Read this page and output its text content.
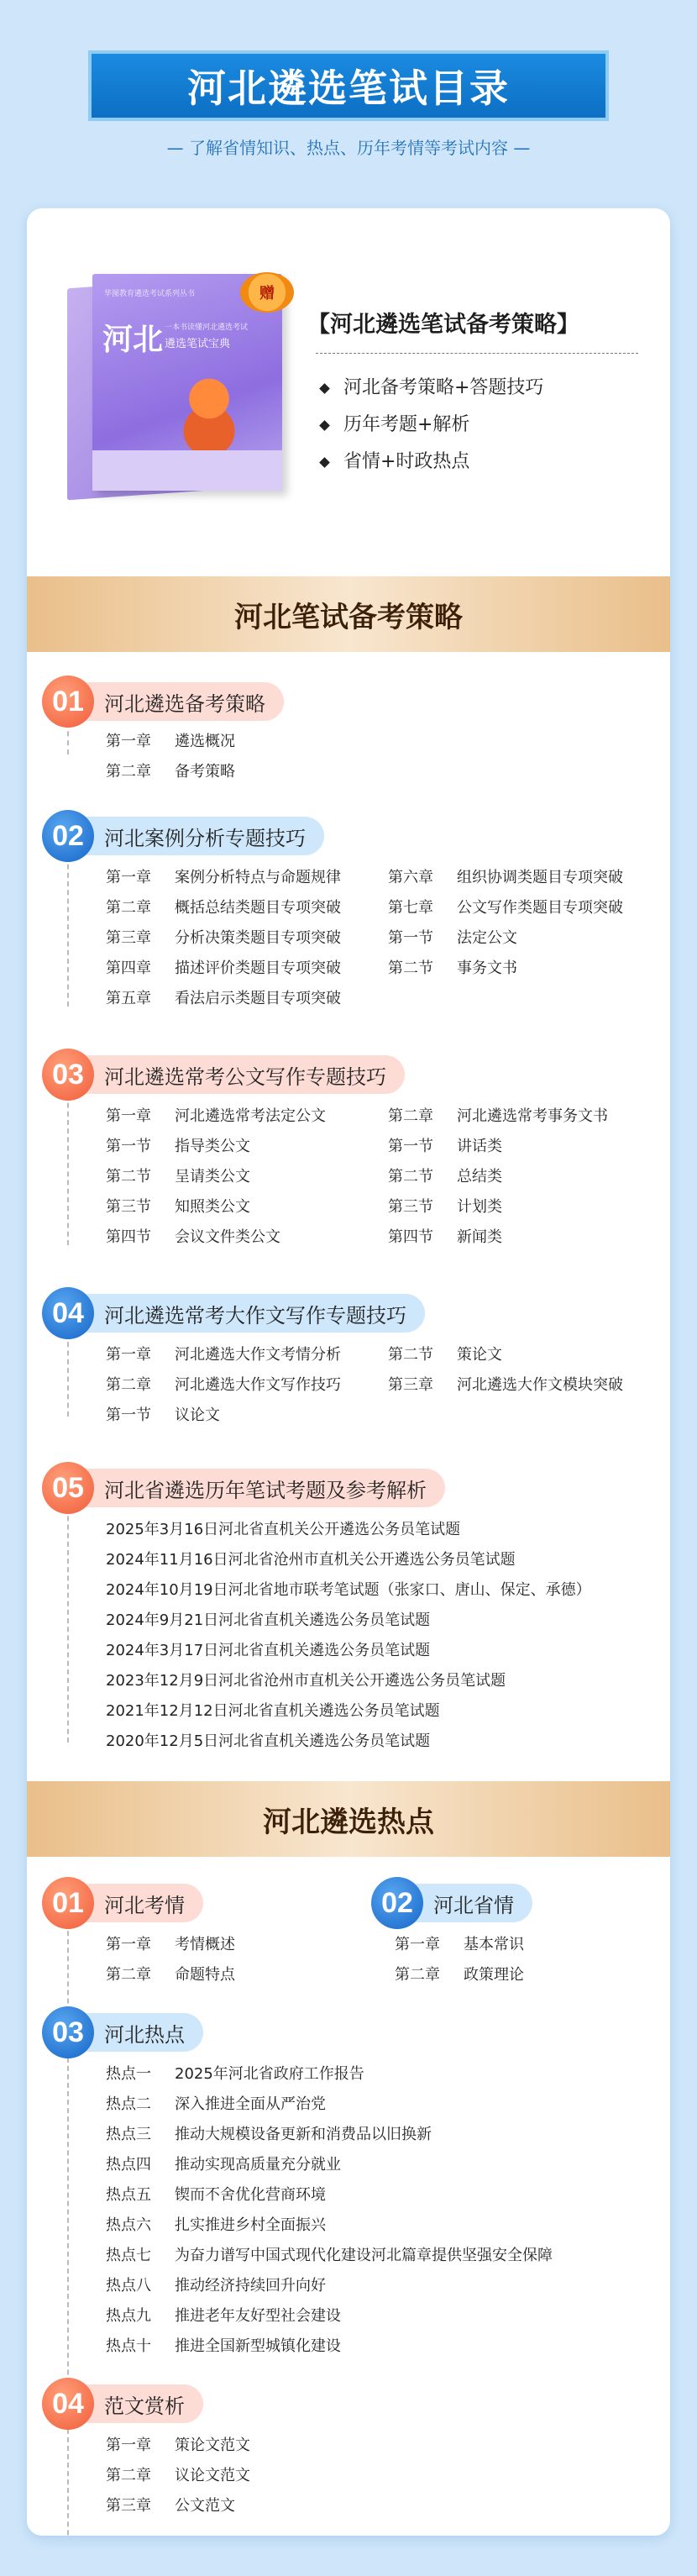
河北遴选笔试目录
— 了解省情知识、热点、历年考情等考试内容 —
华图教育遴选考试系列丛书
河北 一本书读懂河北遴选考试
遴选笔试宝典
赠
【河北遴选笔试备考策略】
河北备考策略+答题技巧
历年考题+解析
省情+时政热点
河北笔试备考策略
01	河北遴选备考策略
第一章 遴选概况
第二章 备考策略
02	河北案例分析专题技巧
第一章 案例分析特点与命题规律
第二章 概括总结类题目专项突破
第三章 分析决策类题目专项突破
第四章 描述评价类题目专项突破
第五章 看法启示类题目专项突破
第六章 组织协调类题目专项突破
第七章 公文写作类题目专项突破
第一节 法定公文
第二节 事务文书
03	河北遴选常考公文写作专题技巧
第一章 河北遴选常考法定公文
第一节 指导类公文
第二节 呈请类公文
第三节 知照类公文
第四节 会议文件类公文
第二章 河北遴选常考事务文书
第一节 讲话类
第二节 总结类
第三节 计划类
第四节 新闻类
04	河北遴选常考大作文写作专题技巧
第一章 河北遴选大作文考情分析
第二章 河北遴选大作文写作技巧
第一节 议论文
第二节 策论文
第三章 河北遴选大作文模块突破
05	河北省遴选历年笔试考题及参考解析
2025年3月16日河北省直机关公开遴选公务员笔试题
2024年11月16日河北省沧州市直机关公开遴选公务员笔试题
2024年10月19日河北省地市联考笔试题（张家口、唐山、保定、承德）
2024年9月21日河北省直机关遴选公务员笔试题
2024年3月17日河北省直机关遴选公务员笔试题
2023年12月9日河北省沧州市直机关公开遴选公务员笔试题
2021年12月12日河北省直机关遴选公务员笔试题
2020年12月5日河北省直机关遴选公务员笔试题
河北遴选热点
01	河北考情
第一章 考情概述
第二章 命题特点
02	河北省情
第一章 基本常识
第二章 政策理论
03	河北热点
热点一 2025年河北省政府工作报告
热点二 深入推进全面从严治党
热点三 推动大规模设备更新和消费品以旧换新
热点四 推动实现高质量充分就业
热点五 锲而不舍优化营商环境
热点六 扎实推进乡村全面振兴
热点七 为奋力谱写中国式现代化建设河北篇章提供坚强安全保障
热点八 推动经济持续回升向好
热点九 推进老年友好型社会建设
热点十 推进全国新型城镇化建设
04	范文赏析
第一章 策论文范文
第二章 议论文范文
第三章 公文范文
